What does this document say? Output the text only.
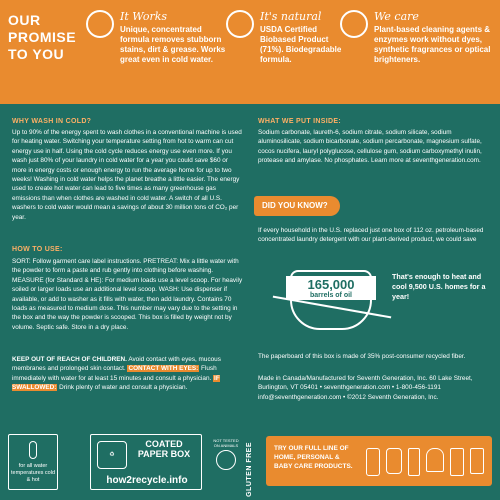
OUR PROMISE TO YOU
It Works
Unique, concentrated formula removes stubborn stains, dirt & grease. Works great even in cold water.
It's natural
USDA Certified Biobased Product (71%). Biodegradable formula.
We care
Plant-based cleaning agents & enzymes work without dyes, synthetic fragrances or optical brighteners.
WHY WASH IN COLD?
Up to 90% of the energy spent to wash clothes in a conventional machine is used for heating water. Switching your temperature setting from hot to warm can cut energy use in half. Using the cold cycle reduces energy use even more. If you wash just 80% of your laundry in cold water for a year you could save $60 or more in energy costs or enough energy to run the average home for up to two weeks! Washing in cold water helps the planet breathe a little easier. The energy used to create hot water can lead to five times as many greenhouse gas emissions than when clothes are washed in cold water. A switch of all U.S. washers to cold water would mean a savings of about 30 million tons of CO₂ per year.
HOW TO USE:
SORT: Follow garment care label instructions. PRETREAT: Mix a little water with the powder to form a paste and rub gently into clothing before washing. MEASURE (for Standard & HE): For medium loads use a level scoop. For heavily soiled or larger loads use an additional level scoop. WASH: Use dispenser if available, or add to washer as it fills with water, then add laundry. Contains 70 loads as measured to medium dose. This number may vary due to the setting in the box and the way the powder is scooped. This box is filled by weight not by volume. Septic safe. Store in a dry place.
KEEP OUT OF REACH OF CHILDREN. Avoid contact with eyes, mucous membranes and prolonged skin contact. CONTACT WITH EYES: Flush immediately with water for at least 15 minutes and consult a physician. IF SWALLOWED: Drink plenty of water and consult a physician.
WHAT WE PUT INSIDE:
Sodium carbonate, laureth-6, sodium citrate, sodium silicate, sodium aluminosilicate, sodium bicarbonate, sodium percarbonate, magnesium sulfate, cocos nucifera, lauryl polyglucose, cellulose gum, sodium carboxymethyl inulin, protease and amylase. No phosphates. Learn more at seventhgeneration.com.
DID YOU KNOW?
If every household in the U.S. replaced just one box of 112 oz. petroleum-based concentrated laundry detergent with our plant-derived product, we could save
165,000
barrels of oil
That's enough to heat and cool 9,500 U.S. homes for a year!
The paperboard of this box is made of 35% post-consumer recycled fiber.
Made in Canada/Manufactured for Seventh Generation, Inc. 60 Lake Street, Burlington, VT 05401 • seventhgeneration.com • 1-800-456-1191 info@seventhgeneration.com • ©2012 Seventh Generation, Inc.
for all water temperatures cold & hot
♻
COATED PAPER BOX
how2recycle.info
NOT TESTED ON ANIMALS GLUTEN FREE	TRY OUR FULL LINE OF HOME, PERSONAL & BABY CARE PRODUCTS.
